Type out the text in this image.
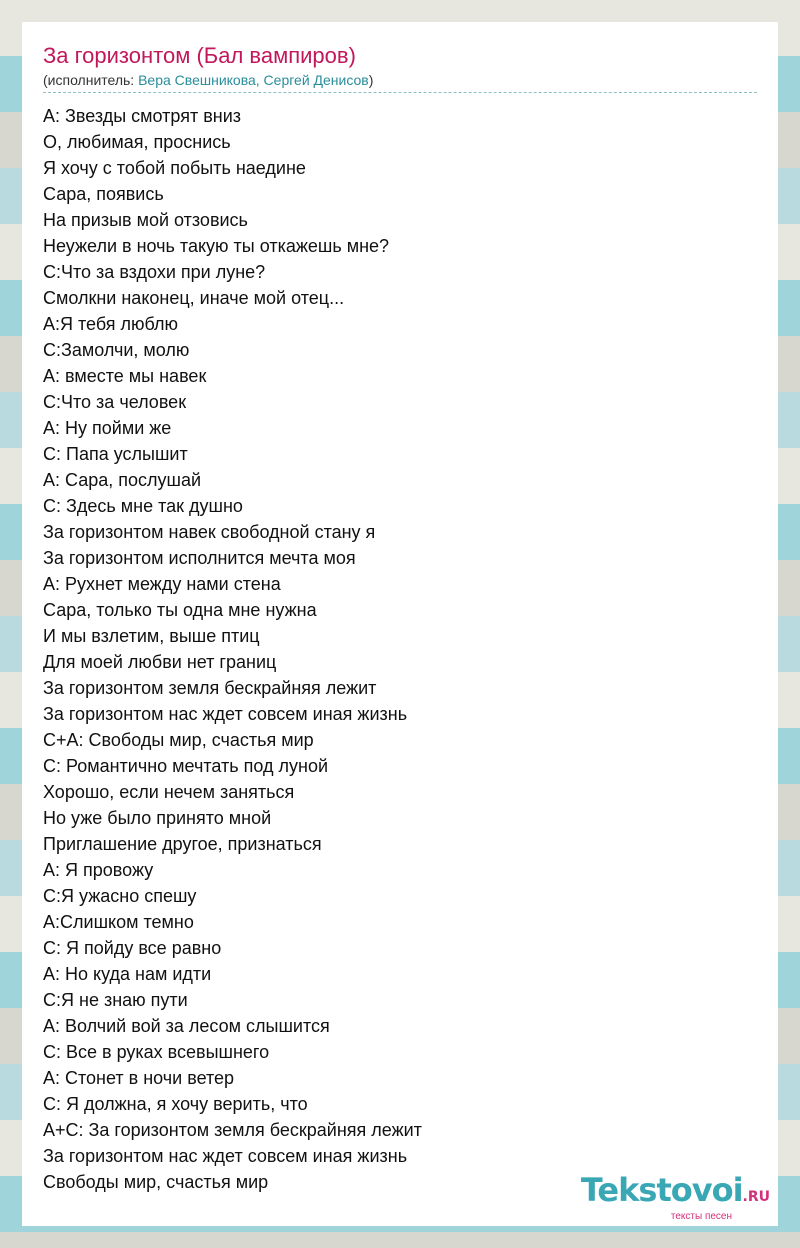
За горизонтом (Бал вампиров)
(исполнитель: Вера Свешникова, Сергей Денисов)
А: Звезды смотрят вниз
О, любимая, проснись
Я хочу с тобой побыть наедине
Сара, появись
На призыв мой отзовись
Неужели в ночь такую ты откажешь мне?
С:Что за вздохи при луне?
Смолкни наконец, иначе мой отец...
А:Я тебя люблю
С:Замолчи, молю
А: вместе мы навек
С:Что за человек
А: Ну пойми же
С: Папа услышит
А: Сара, послушай
С: Здесь мне так душно
За горизонтом навек свободной стану я
За горизонтом исполнится мечта моя
А: Рухнет между нами стена
Сара, только ты одна мне нужна
И мы взлетим, выше птиц
Для моей любви нет границ
За горизонтом земля бескрайняя лежит
За горизонтом нас ждет совсем иная жизнь
С+А: Свободы мир, счастья мир
С: Романтично мечтать под луной
Хорошо, если нечем заняться
Но уже было принято мной
Приглашение другое, признаться
А: Я провожу
С:Я ужасно спешу
А:Слишком темно
С: Я пойду все равно
А: Но куда нам идти
С:Я не знаю пути
А: Волчий вой за лесом слышится
С: Все в руках всевышнего
А: Стонет в ночи ветер
С: Я должна, я хочу верить, что
А+С: За горизонтом земля бескрайняя лежит
За горизонтом нас ждет совсем иная жизнь
Свободы мир, счастья мир	Tekstovoi.RU
тексты песен
